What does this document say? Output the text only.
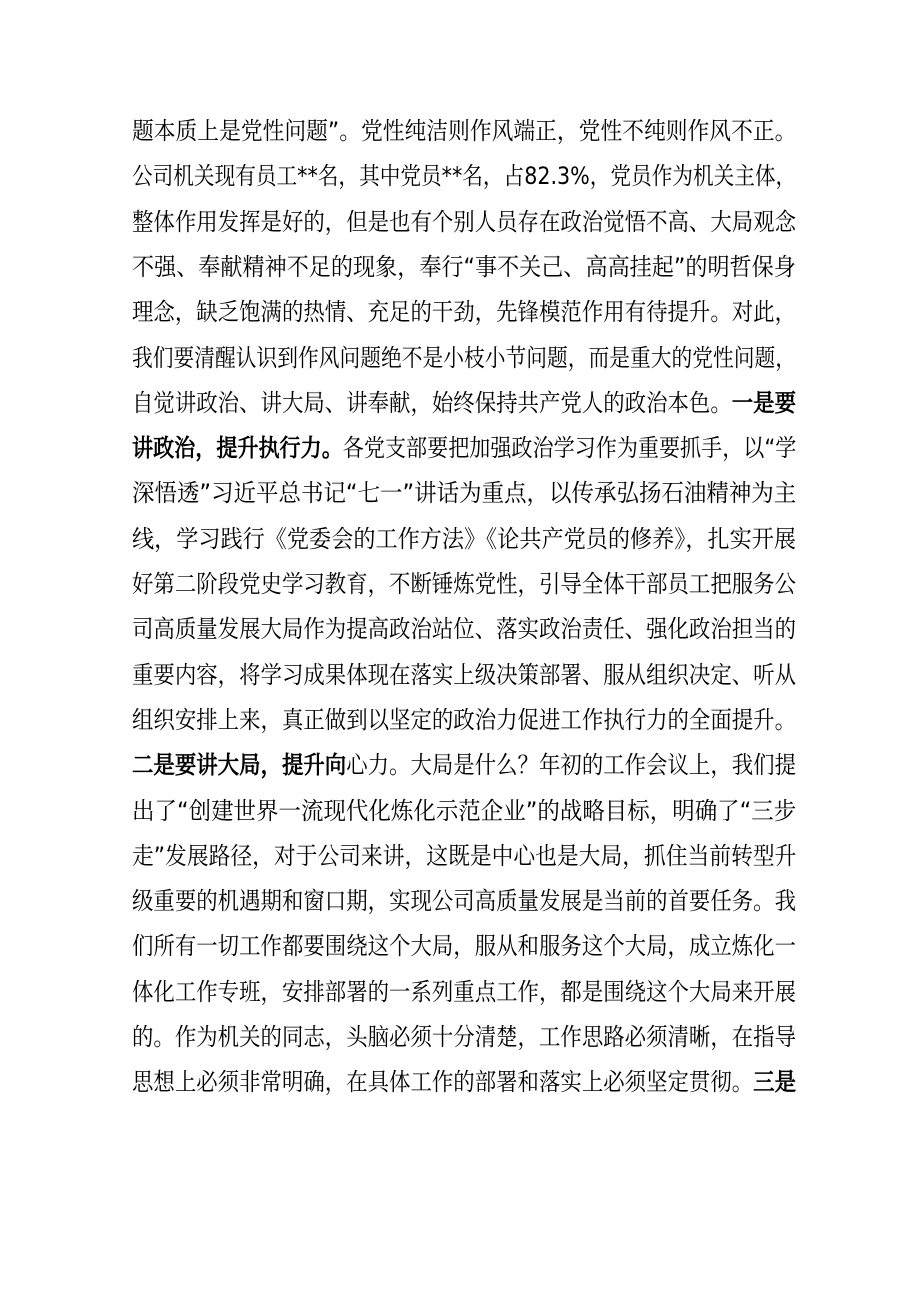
题本质上是党性问题”。党性纯洁则作风端正，党性不纯则作风不正。
公司机关现有员工**名，其中党员**名，占82.3%，党员作为机关主体，
整体作用发挥是好的，但是也有个别人员存在政治觉悟不高、大局观念
不强、奉献精神不足的现象，奉行“事不关己、高高挂起”的明哲保身
理念，缺乏饱满的热情、充足的干劲，先锋模范作用有待提升。对此，
我们要清醒认识到作风问题绝不是小枝小节问题，而是重大的党性问题，
自觉讲政治、讲大局、讲奉献，始终保持共产党人的政治本色。一是要
讲政治，提升执行力。各党支部要把加强政治学习作为重要抓手，以“学
深悟透”习近平总书记“七一”讲话为重点，以传承弘扬石油精神为主
线，学习践行《党委会的工作方法》《论共产党员的修养》，扎实开展
好第二阶段党史学习教育，不断锤炼党性，引导全体干部员工把服务公
司高质量发展大局作为提高政治站位、落实政治责任、强化政治担当的
重要内容，将学习成果体现在落实上级决策部署、服从组织决定、听从
组织安排上来，真正做到以坚定的政治力促进工作执行力的全面提升。
二是要讲大局，提升向心力。大局是什么？年初的工作会议上，我们提
出了“创建世界一流现代化炼化示范企业”的战略目标，明确了“三步
走”发展路径，对于公司来讲，这既是中心也是大局，抓住当前转型升
级重要的机遇期和窗口期，实现公司高质量发展是当前的首要任务。我
们所有一切工作都要围绕这个大局，服从和服务这个大局，成立炼化一
体化工作专班，安排部署的一系列重点工作，都是围绕这个大局来开展
的。作为机关的同志，头脑必须十分清楚，工作思路必须清晰，在指导
思想上必须非常明确，在具体工作的部署和落实上必须坚定贯彻。三是
